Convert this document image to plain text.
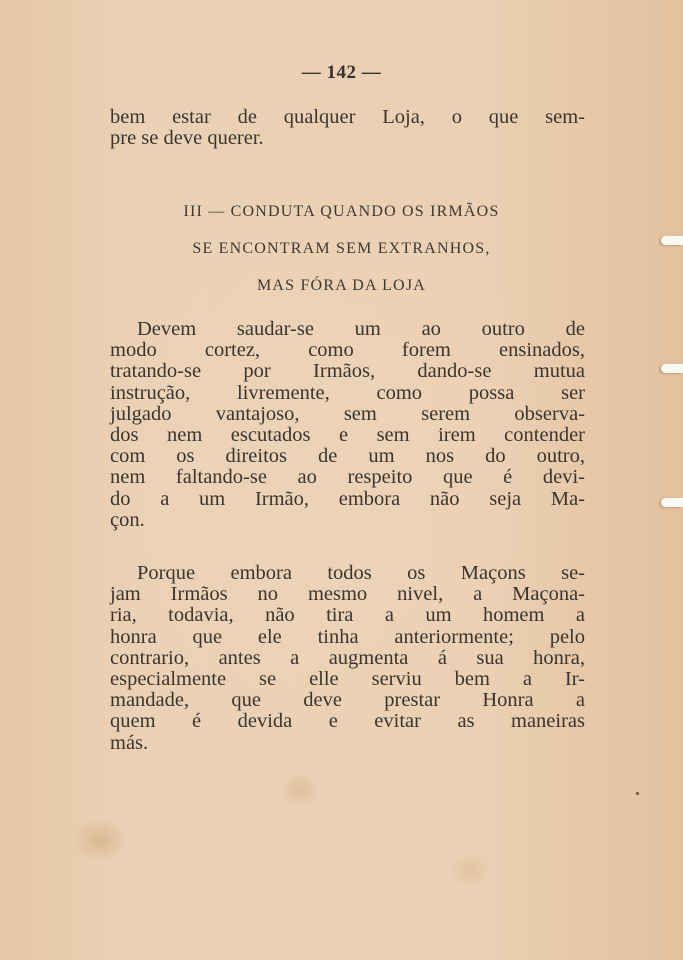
— 142 —
bem estar de qualquer Loja, o que sem-
pre se deve querer.
III — CONDUTA QUANDO OS IRMÃOS
SE ENCONTRAM SEM EXTRANHOS,
MAS FÓRA DA LOJA
Devem saudar-se um ao outro de
modo cortez, como forem ensinados,
tratando-se por Irmãos, dando-se mutua
instrução, livremente, como possa ser
julgado vantajoso, sem serem observa-
dos nem escutados e sem irem contender
com os direitos de um nos do outro,
nem faltando-se ao respeito que é devi-
do a um Irmão, embora não seja Ma-
çon.
Porque embora todos os Maçons se-
jam Irmãos no mesmo nivel, a Maçona-
ria, todavia, não tira a um homem a
honra que ele tinha anteriormente; pelo
contrario, antes a augmenta á sua honra,
especialmente se elle serviu bem a Ir-
mandade, que deve prestar Honra a
quem é devida e evitar as maneiras
más.
